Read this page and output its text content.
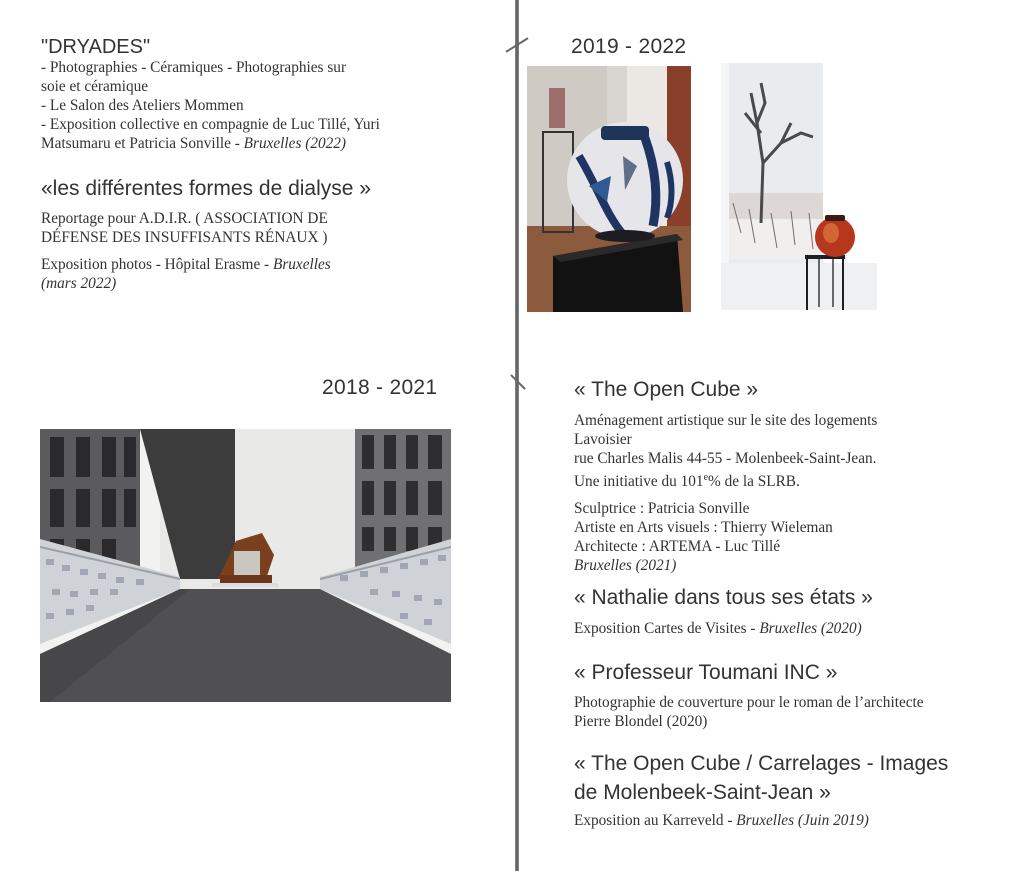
"DRYADES"

- Photographies - Céramiques - Photographies sur

soie et céramique

- Le Salon des Ateliers Mommen

- Exposition collective en compagnie de Luc Tillé, Yuri

Matsumaru et Patricia Sonville - Bruxelles (2022)

«les différentes formes de dialyse »

Reportage pour A.D.I.R. ( ASSOCIATION DE

DÉFENSE DES INSUFFISANTS RÉNAUX )

Exposition photos - Hôpital Erasme - Bruxelles

(mars 2022)

2018 - 2021
2019 - 2022
« The Open Cube »

Aménagement artistique sur le site des logements

Lavoisier

rue Charles Malis 44-55 - Molenbeek-Saint-Jean.

Une initiative du 101e% de la SLRB.

Sculptrice : Patricia Sonville

Artiste en Arts visuels : Thierry Wieleman

Architecte : ARTEMA - Luc Tillé

Bruxelles (2021)

« Nathalie dans tous ses états »

Exposition Cartes de Visites - Bruxelles (2020)

« Professeur Toumani INC »

Photographie de couverture pour le roman de l’architecte

Pierre Blondel (2020)

« The Open Cube / Carrelages - Images
de Molenbeek-Saint-Jean »

Exposition au Karreveld - Bruxelles (Juin 2019)
